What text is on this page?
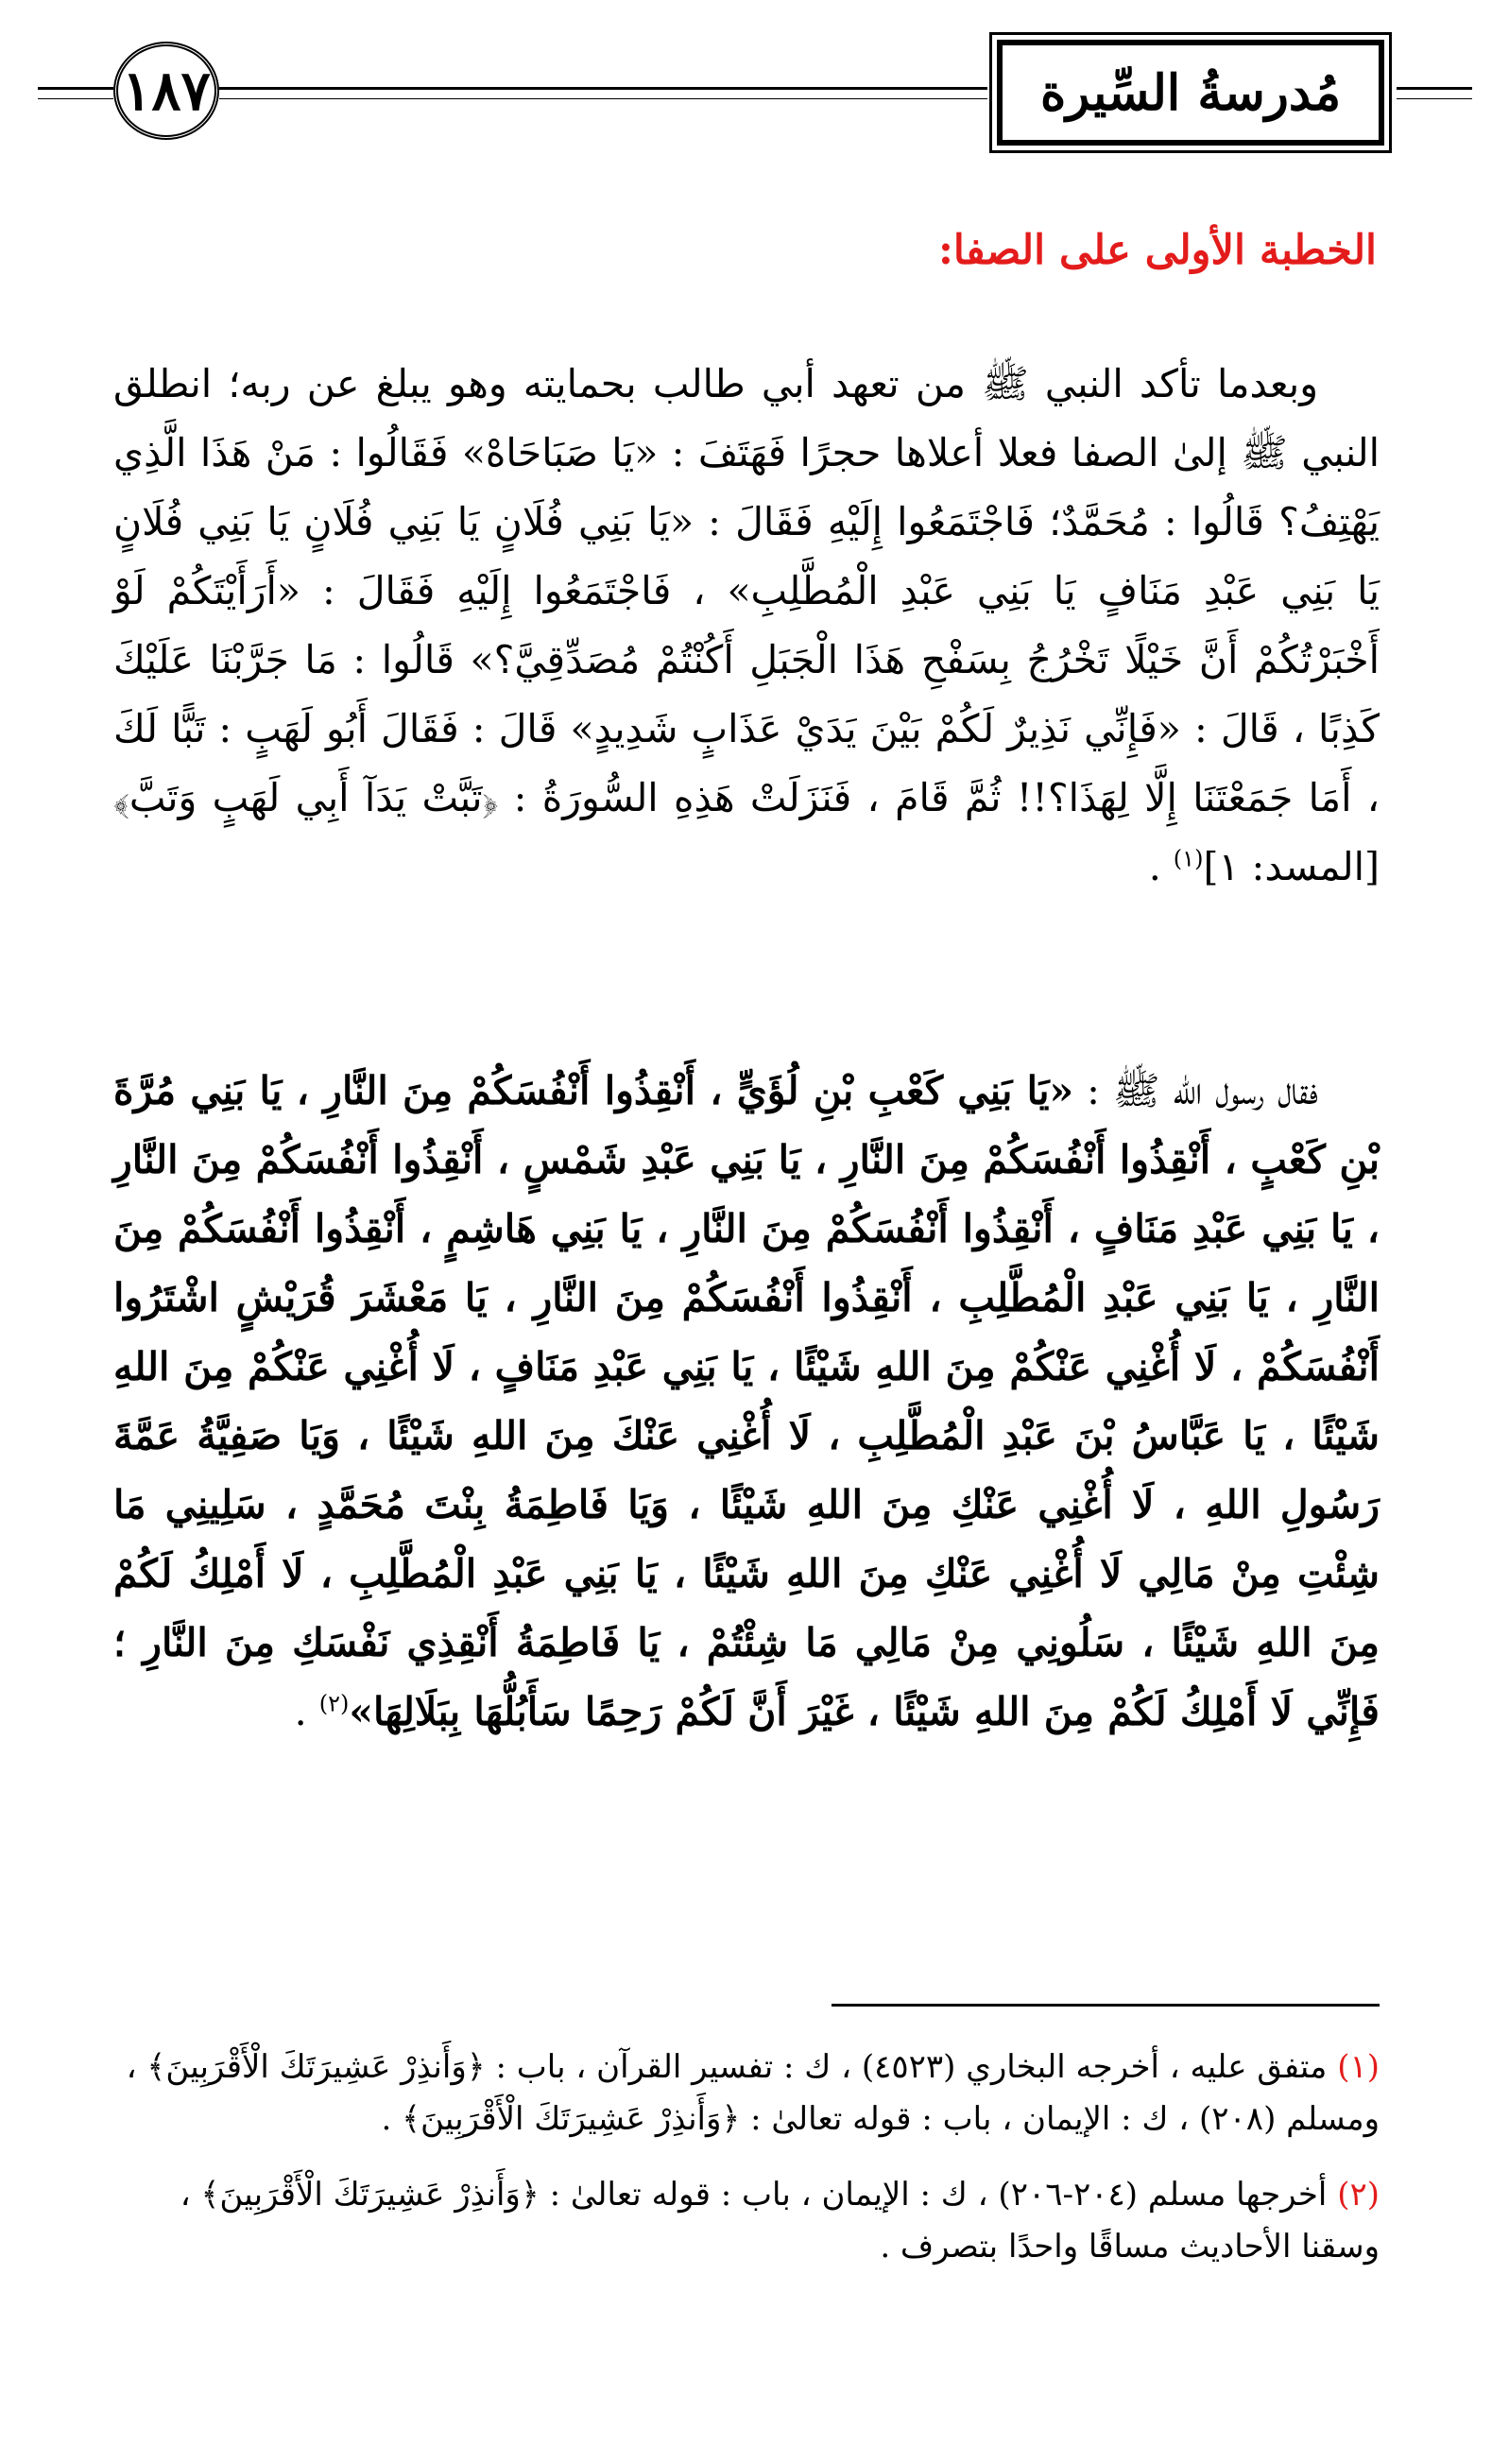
١٨٧	مُدرسةُ السِّيرة
الخطبة الأولى على الصفا:

وبعدما تأكد النبي ﷺ من تعهد أبي طالب بحمايته وهو يبلغ عن ربه؛ انطلق النبي ﷺ إلىٰ الصفا فعلا أعلاها حجرًا فَهَتَفَ : «يَا صَبَاحَاهْ» فَقَالُوا : مَنْ هَذَا الَّذِي يَهْتِفُ؟ قَالُوا : مُحَمَّدٌ؛ فَاجْتَمَعُوا إِلَيْهِ فَقَالَ : «يَا بَنِي فُلَانٍ يَا بَنِي فُلَانٍ يَا بَنِي فُلَانٍ يَا بَنِي عَبْدِ مَنَافٍ يَا بَنِي عَبْدِ الْمُطَّلِبِ» ، فَاجْتَمَعُوا إِلَيْهِ فَقَالَ : «أَرَأَيْتَكُمْ لَوْ أَخْبَرْتُكُمْ أَنَّ خَيْلًا تَخْرُجُ بِسَفْحِ هَذَا الْجَبَلِ أَكُنْتُمْ مُصَدِّقِيَّ؟» قَالُوا : مَا جَرَّبْنَا عَلَيْكَ كَذِبًا ، قَالَ : «فَإِنِّي نَذِيرٌ لَكُمْ بَيْنَ يَدَيْ عَذَابٍ شَدِيدٍ» قَالَ : فَقَالَ أَبُو لَهَبٍ : تَبًّا لَكَ ، أَمَا جَمَعْتَنَا إِلَّا لِهَذَا؟!! ثُمَّ قَامَ ، فَنَزَلَتْ هَذِهِ السُّورَةُ : ﴿تَبَّتْ يَدَآ أَبِي لَهَبٍ وَتَبَّ﴾ [المسد: ١]$^{(١)}$ .

فقال رسول الله ﷺ : «يَا بَنِي كَعْبِ بْنِ لُؤَيٍّ ، أَنْقِذُوا أَنْفُسَكُمْ مِنَ النَّارِ ، يَا بَنِي مُرَّةَ بْنِ كَعْبٍ ، أَنْقِذُوا أَنْفُسَكُمْ مِنَ النَّارِ ، يَا بَنِي عَبْدِ شَمْسٍ ، أَنْقِذُوا أَنْفُسَكُمْ مِنَ النَّارِ ، يَا بَنِي عَبْدِ مَنَافٍ ، أَنْقِذُوا أَنْفُسَكُمْ مِنَ النَّارِ ، يَا بَنِي هَاشِمٍ ، أَنْقِذُوا أَنْفُسَكُمْ مِنَ النَّارِ ، يَا بَنِي عَبْدِ الْمُطَّلِبِ ، أَنْقِذُوا أَنْفُسَكُمْ مِنَ النَّارِ ، يَا مَعْشَرَ قُرَيْشٍ اشْتَرُوا أَنْفُسَكُمْ ، لَا أُغْنِي عَنْكُمْ مِنَ اللهِ شَيْئًا ، يَا بَنِي عَبْدِ مَنَافٍ ، لَا أُغْنِي عَنْكُمْ مِنَ اللهِ شَيْئًا ، يَا عَبَّاسُ بْنَ عَبْدِ الْمُطَّلِبِ ، لَا أُغْنِي عَنْكَ مِنَ اللهِ شَيْئًا ، وَيَا صَفِيَّةُ عَمَّةَ رَسُولِ اللهِ ، لَا أُغْنِي عَنْكِ مِنَ اللهِ شَيْئًا ، وَيَا فَاطِمَةُ بِنْتَ مُحَمَّدٍ ، سَلِينِي مَا شِئْتِ مِنْ مَالِي لَا أُغْنِي عَنْكِ مِنَ اللهِ شَيْئًا ، يَا بَنِي عَبْدِ الْمُطَّلِبِ ، لَا أَمْلِكُ لَكُمْ مِنَ اللهِ شَيْئًا ، سَلُونِي مِنْ مَالِي مَا شِئْتُمْ ، يَا فَاطِمَةُ أَنْقِذِي نَفْسَكِ مِنَ النَّارِ ؛ فَإِنِّي لَا أَمْلِكُ لَكُمْ مِنَ اللهِ شَيْئًا ، غَيْرَ أَنَّ لَكُمْ رَحِمًا سَأَبُلُّهَا بِبَلَالِهَا»$^{(٢)}$ .

(١) متفق عليه ، أخرجه البخاري (٤٥٢٣) ، ك : تفسير القرآن ، باب : ﴿وَأَنذِرْ عَشِيرَتَكَ الْأَقْرَبِينَ﴾ ، ومسلم (٢٠٨) ، ك : الإيمان ، باب : قوله تعالىٰ : ﴿وَأَنذِرْ عَشِيرَتَكَ الْأَقْرَبِينَ﴾ .
(٢) أخرجها مسلم (٢٠٤-٢٠٦) ، ك : الإيمان ، باب : قوله تعالىٰ : ﴿وَأَنذِرْ عَشِيرَتَكَ الْأَقْرَبِينَ﴾ ، وسقنا الأحاديث مساقًا واحدًا بتصرف .
